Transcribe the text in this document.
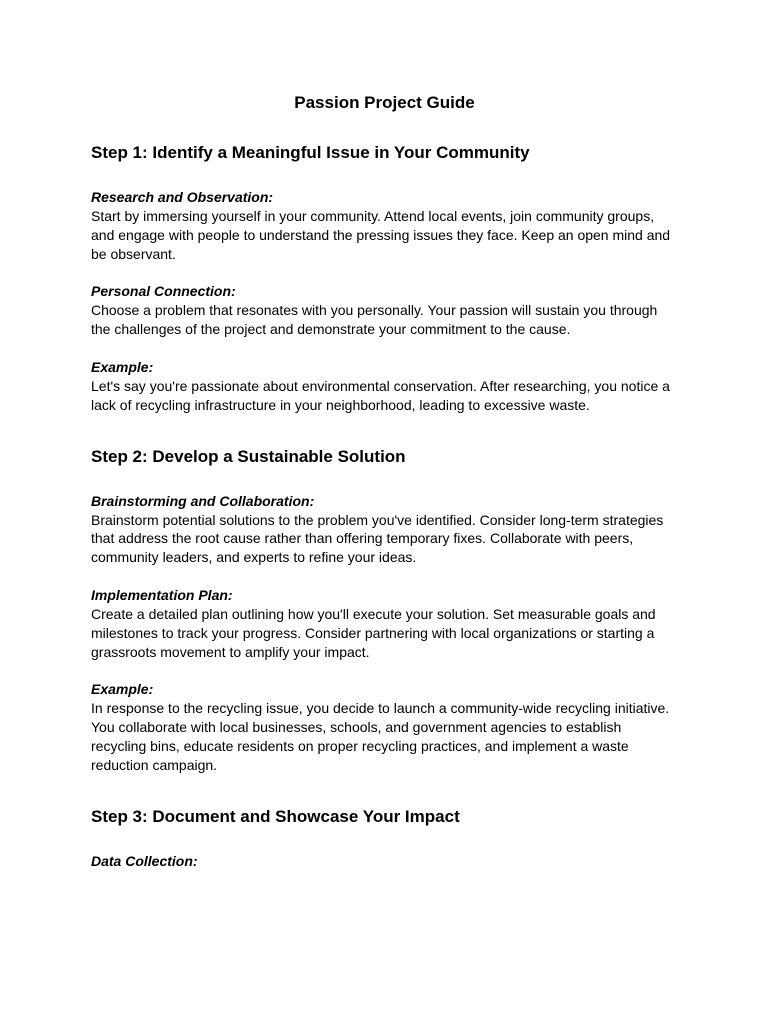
Passion Project Guide
Step 1: Identify a Meaningful Issue in Your Community

Research and Observation:

Start by immersing yourself in your community. Attend local events, join community groups, and engage with people to understand the pressing issues they face. Keep an open mind and be observant.

Personal Connection:

Choose a problem that resonates with you personally. Your passion will sustain you through the challenges of the project and demonstrate your commitment to the cause.

Example:

Let's say you're passionate about environmental conservation. After researching, you notice a lack of recycling infrastructure in your neighborhood, leading to excessive waste.

Step 2: Develop a Sustainable Solution

Brainstorming and Collaboration:

Brainstorm potential solutions to the problem you've identified. Consider long-term strategies that address the root cause rather than offering temporary fixes. Collaborate with peers, community leaders, and experts to refine your ideas.

Implementation Plan:

Create a detailed plan outlining how you'll execute your solution. Set measurable goals and milestones to track your progress. Consider partnering with local organizations or starting a grassroots movement to amplify your impact.

Example:

In response to the recycling issue, you decide to launch a community-wide recycling initiative. You collaborate with local businesses, schools, and government agencies to establish recycling bins, educate residents on proper recycling practices, and implement a waste reduction campaign.

Step 3: Document and Showcase Your Impact

Data Collection:
